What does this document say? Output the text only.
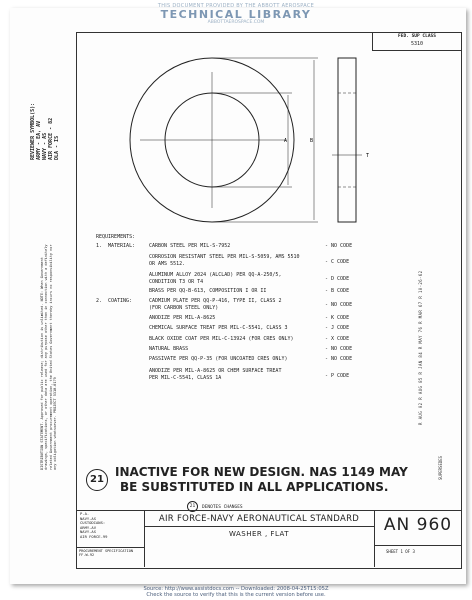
THIS DOCUMENT PROVIDED BY THE ABBOTT AEROSPACE
TECHNICAL LIBRARY
ABBOTTAEROSPACE.COM
FED. SUP CLASS
5310
REVIEWER SYMBOL(S): ARMY - EA, AV NAVY - AS AIR FORCE - 82 DLA - IS
DISTRIBUTION STATEMENT. Approved for public release; distribution is unlimited. NOTE: When Government drawings, specifications, or other data are used for any purpose other than in connection with a definitely related Government procurement operation, the United States Government thereby incurs no responsibility nor any obligation whatsoever. PROJECT 5310-0179	R AUG 02 R AUG 85 R JAN 84 R MAY 76 R MAR 67 R 10-26-62
SUPERSEDES
A	B
T
REQUIREMENTS:
1. MATERIAL:	CARBON STEEL PER MIL-S-7952	- NO CODE
CORROSION RESISTANT STEEL PER MIL-S-5059, AMS 5510
OR AMS 5512.	- C CODE
ALUMINUM ALLOY 2024 (ALCLAD) PER QQ-A-250/5,
CONDITION T3 OR T4	- D CODE
BRASS PER QQ-B-613, COMPOSITION I OR II	- B CODE
2. COATING:	CADMIUM PLATE PER QQ-P-416, TYPE II, CLASS 2
(FOR CARBON STEEL ONLY)	- NO CODE
ANODIZE PER MIL-A-8625	- K CODE
CHEMICAL SURFACE TREAT PER MIL-C-5541, CLASS 3	- J CODE
BLACK OXIDE COAT PER MIL-C-13924 (FOR CRES ONLY)	- X CODE
NATURAL BRASS	- NO CODE
PASSIVATE PER QQ-P-35 (FOR UNCOATED CRES ONLY)	- NO CODE
ANODIZE PER MIL-A-8625 OR CHEM SURFACE TREAT
PER MIL-C-5541, CLASS 1A	- P CODE
21
INACTIVE FOR NEW DESIGN. NAS 1149 MAY
BE SUBSTITUTED IN ALL APPLICATIONS.
21 DENOTES CHANGES
P.A.
NAVY-AS
CUSTODIANS:
ARMY-AV
NAVY-AS
AIR FORCE-99
PROCUREMENT SPECIFICATION
FF-W-92
AIR FORCE-NAVY AERONAUTICAL STANDARD
WASHER , FLAT	AN 960
SHEET 1 OF 3
Source: http://www.assistdocs.com -- Downloaded: 2008-04-25T15:05Z
Check the source to verify that this is the current version before use.
